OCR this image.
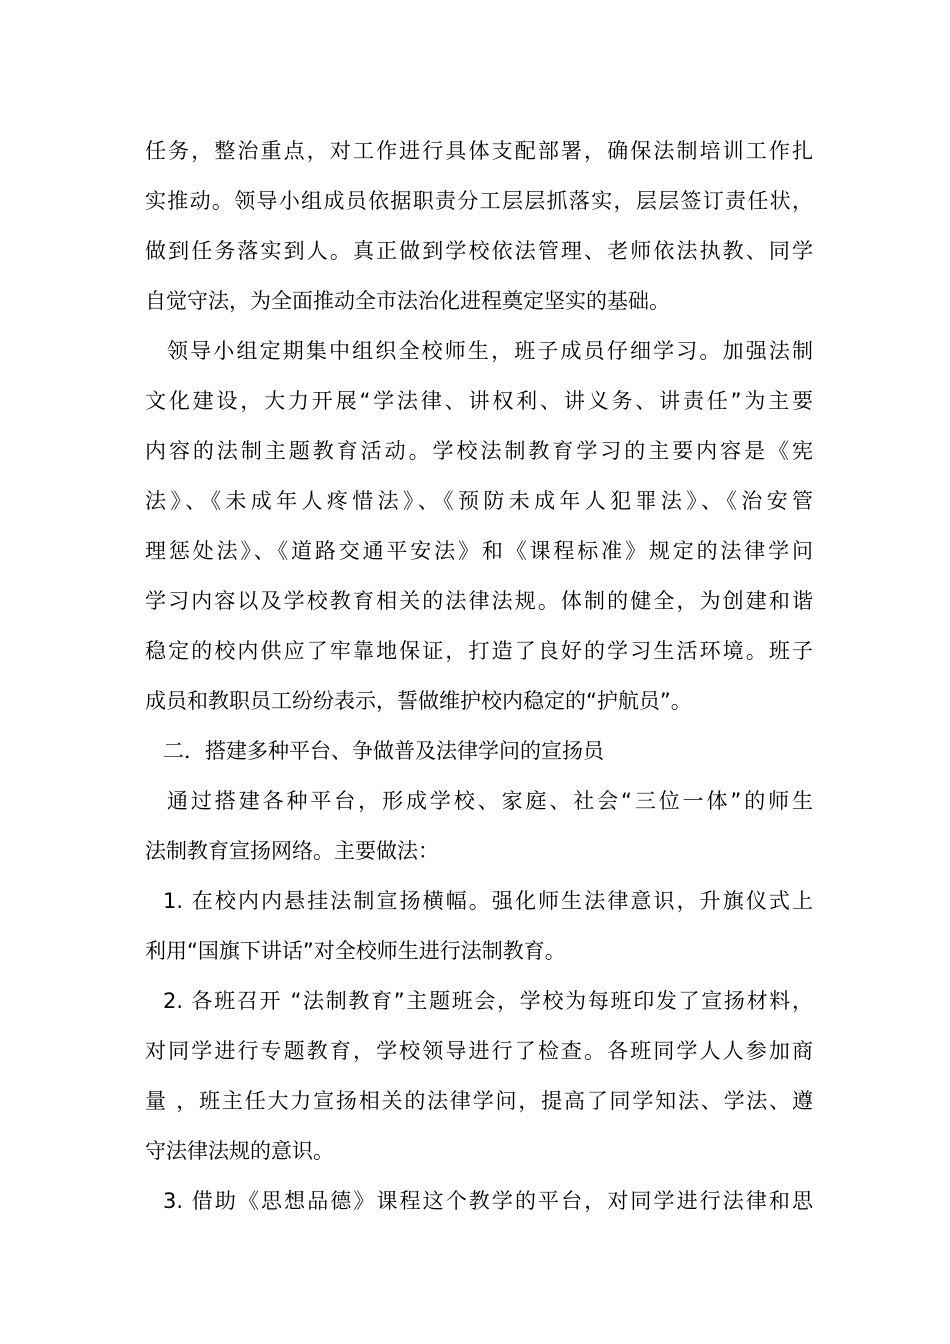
任务，整治重点，对工作进行具体支配部署，确保法制培训工作扎
实推动。领导小组成员依据职责分工层层抓落实，层层签订责任状，
做到任务落实到人。真正做到学校依法管理、老师依法执教、同学
自觉守法，为全面推动全市法治化进程奠定坚实的基础。
领导小组定期集中组织全校师生，班子成员仔细学习。加强法制
文化建设，大力开展“学法律、讲权利、讲义务、讲责任”为主要
内容的法制主题教育活动。学校法制教育学习的主要内容是《宪
法》、《未成年人疼惜法》、《预防未成年人犯罪法》、《治安管
理惩处法》、《道路交通平安法》和《课程标准》规定的法律学问
学习内容以及学校教育相关的法律法规。体制的健全，为创建和谐
稳定的校内供应了牢靠地保证，打造了良好的学习生活环境。班子
成员和教职员工纷纷表示，誓做维护校内稳定的“护航员”。
二．搭建多种平台、争做普及法律学问的宣扬员
通过搭建各种平台，形成学校、家庭、社会“三位一体”的师生
法制教育宣扬网络。主要做法：
1. 在校内内悬挂法制宣扬横幅。强化师生法律意识，升旗仪式上
利用“国旗下讲话”对全校师生进行法制教育。
2. 各班召开 “法制教育”主题班会，学校为每班印发了宣扬材料，
对同学进行专题教育，学校领导进行了检查。各班同学人人参加商
量 ，班主任大力宣扬相关的法律学问，提高了同学知法、学法、遵
守法律法规的意识。
3. 借助《思想品德》课程这个教学的平台，对同学进行法律和思
